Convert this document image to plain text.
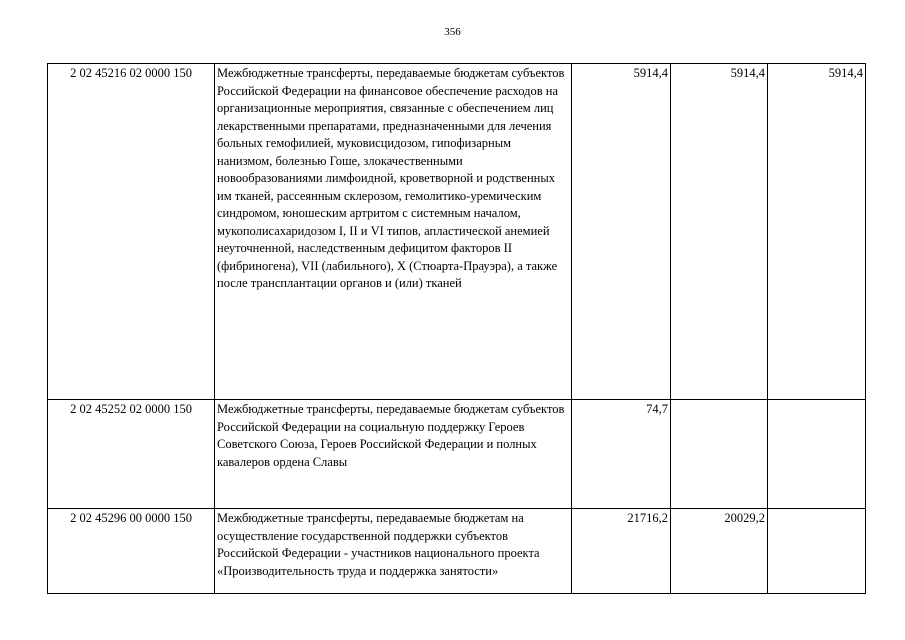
356
2 02 45216 02 0000 150	Межбюджетные трансферты, передаваемые бюджетам субъектов Российской Федерации на финансовое обеспечение расходов на организационные мероприятия, связанные с обеспечением лиц лекарственными препаратами, предназначенными для лечения больных гемофилией, муковисцидозом, гипофизарным нанизмом, болезнью Гоше, злокачественными новообразованиями лимфоидной, кроветворной и родственных им тканей, рассеянным склерозом, гемолитико-уремическим синдромом, юношеским артритом с системным началом, мукополисахаридозом I, II и VI типов, апластической анемией неуточненной, наследственным дефицитом факторов II (фибриногена), VII (лабильного), X (Стюарта-Прауэра), а также после трансплантации органов и (или) тканей	5914,4	5914,4	5914,4
2 02 45252 02 0000 150	Межбюджетные трансферты, передаваемые бюджетам субъектов Российской Федерации на социальную поддержку Героев Советского Союза, Героев Российской Федерации и полных кавалеров ордена Славы	74,7		
2 02 45296 00 0000 150	Межбюджетные трансферты, передаваемые бюджетам на осуществление государственной поддержки субъектов Российской Федерации - участников национального проекта «Производительность труда и поддержка занятости»	21716,2	20029,2	
